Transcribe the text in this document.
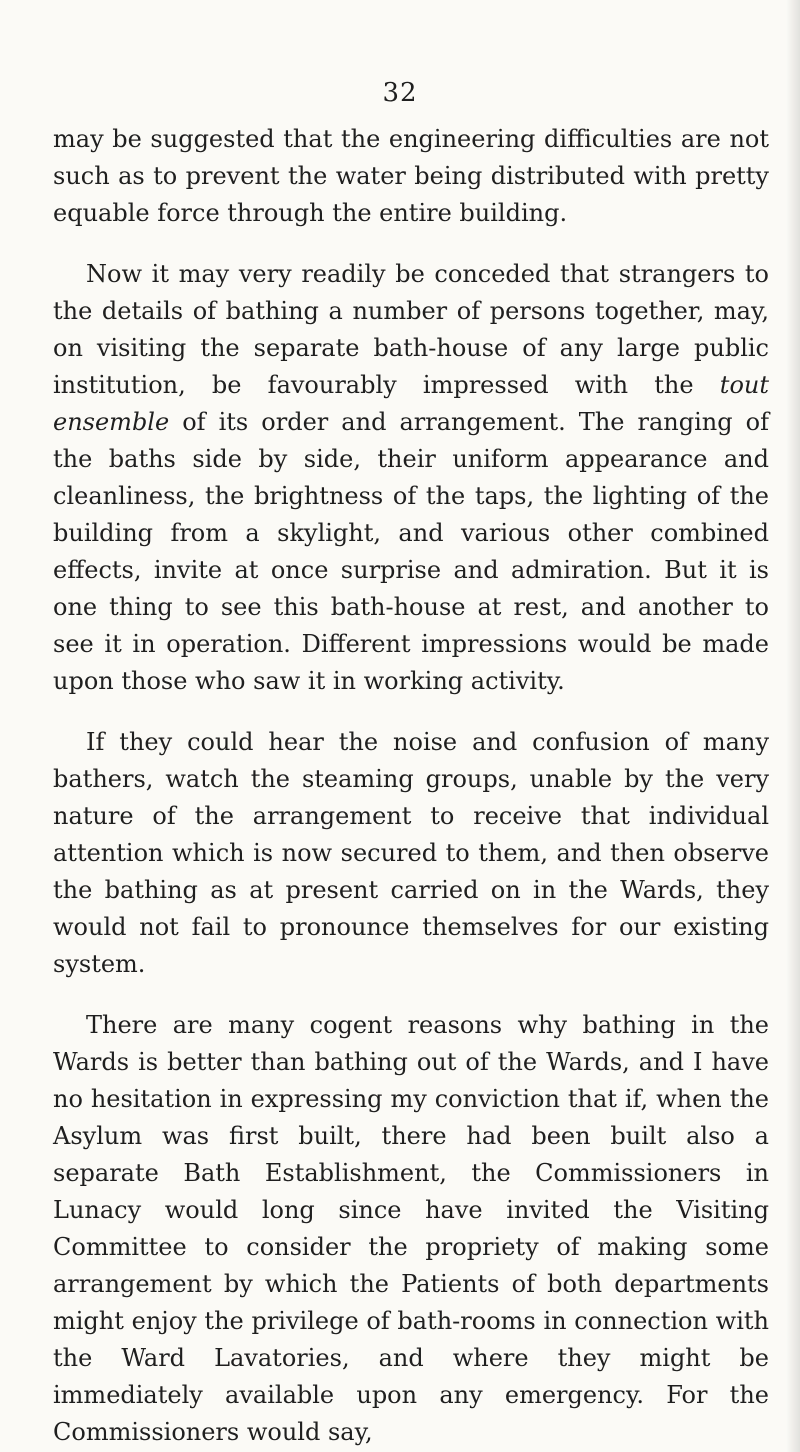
32

may be suggested that the engineering difficulties are not such as to prevent the water being distributed with pretty equable force through the entire building.

Now it may very readily be conceded that strangers to the details of bathing a number of persons together, may, on visiting the separate bath-house of any large public institution, be favourably impressed with the tout ensemble of its order and arrangement. The ranging of the baths side by side, their uniform appearance and cleanliness, the brightness of the taps, the lighting of the building from a skylight, and various other combined effects, invite at once surprise and admiration. But it is one thing to see this bath-house at rest, and another to see it in operation. Different impressions would be made upon those who saw it in working activity.

If they could hear the noise and confusion of many bathers, watch the steaming groups, unable by the very nature of the arrangement to receive that individual attention which is now secured to them, and then observe the bathing as at present carried on in the Wards, they would not fail to pronounce themselves for our existing system.

There are many cogent reasons why bathing in the Wards is better than bathing out of the Wards, and I have no hesitation in expressing my conviction that if, when the Asylum was first built, there had been built also a separate Bath Establishment, the Commissioners in Lunacy would long since have invited the Visiting Committee to consider the propriety of making some arrangement by which the Patients of both departments might enjoy the privilege of bath-rooms in connection with the Ward Lavatories, and where they might be immediately available upon any emergency. For the Commissioners would say,
